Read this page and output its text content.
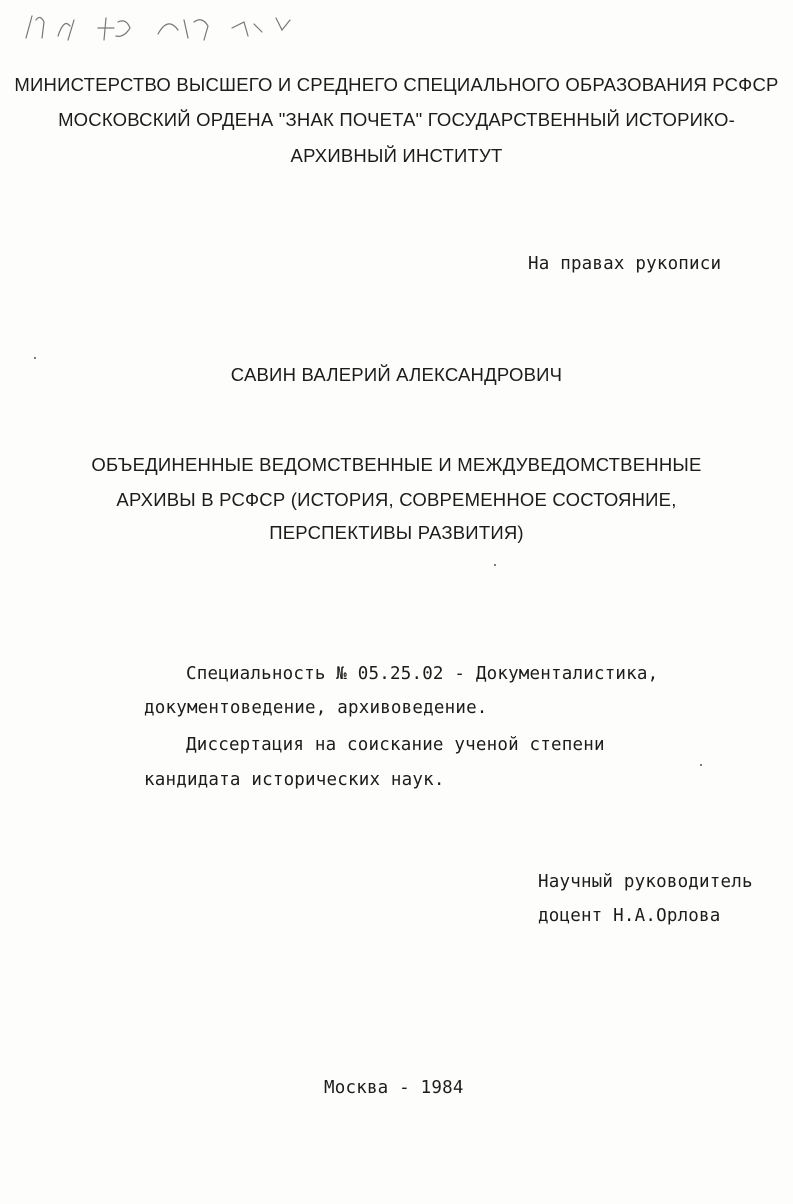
МИНИСТЕРСТВО ВЫСШЕГО И СРЕДНЕГО СПЕЦИАЛЬНОГО ОБРАЗОВАНИЯ РСФСР
МОСКОВСКИЙ ОРДЕНА "ЗНАК ПОЧЕТА" ГОСУДАРСТВЕННЫЙ ИСТОРИКО-
АРХИВНЫЙ ИНСТИТУТ
На правах рукописи
САВИН ВАЛЕРИЙ АЛЕКСАНДРОВИЧ
ОБЪЕДИНЕННЫЕ ВЕДОМСТВЕННЫЕ И МЕЖДУВЕДОМСТВЕННЫЕ
АРХИВЫ В РСФСР (ИСТОРИЯ, СОВРЕМЕННОЕ СОСТОЯНИЕ,
ПЕРСПЕКТИВЫ РАЗВИТИЯ)
Специальность № 05.25.02 - Документалистика,
документоведение, архивоведение.
Диссертация на соискание ученой степени
кандидата исторических наук.
Научный руководитель
доцент Н.А.Орлова
Москва - 1984
